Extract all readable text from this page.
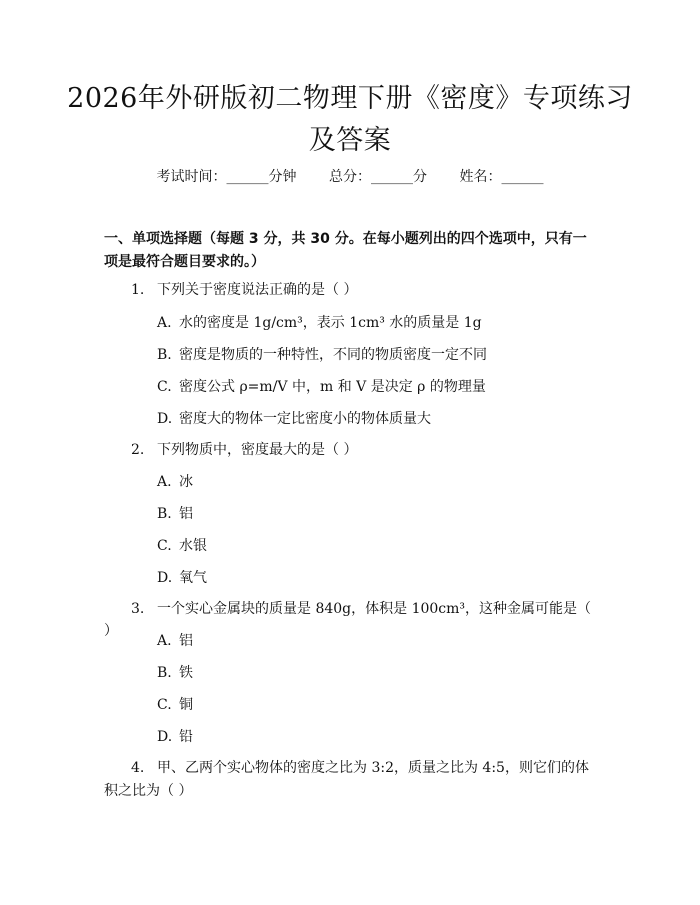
2026年外研版初二物理下册《密度》专项练习及答案
考试时间：______分钟 总分：______分 姓名：______
一、单项选择题（每题 3 分，共 30 分。在每小题列出的四个选项中，只有一项是最符合题目要求的。）
1. 下列关于密度说法正确的是（ ）
A. 水的密度是 1g/cm³，表示 1cm³ 水的质量是 1g
B. 密度是物质的一种特性，不同的物质密度一定不同
C. 密度公式 ρ=m/V 中，m 和 V 是决定 ρ 的物理量
D. 密度大的物体一定比密度小的物体质量大
2. 下列物质中，密度最大的是（ ）
A. 冰
B. 铝
C. 水银
D. 氧气
3. 一个实心金属块的质量是 840g，体积是 100cm³，这种金属可能是（ ）
A. 铝
B. 铁
C. 铜
D. 铅
4. 甲、乙两个实心物体的密度之比为 3:2，质量之比为 4:5，则它们的体积之比为（ ）
